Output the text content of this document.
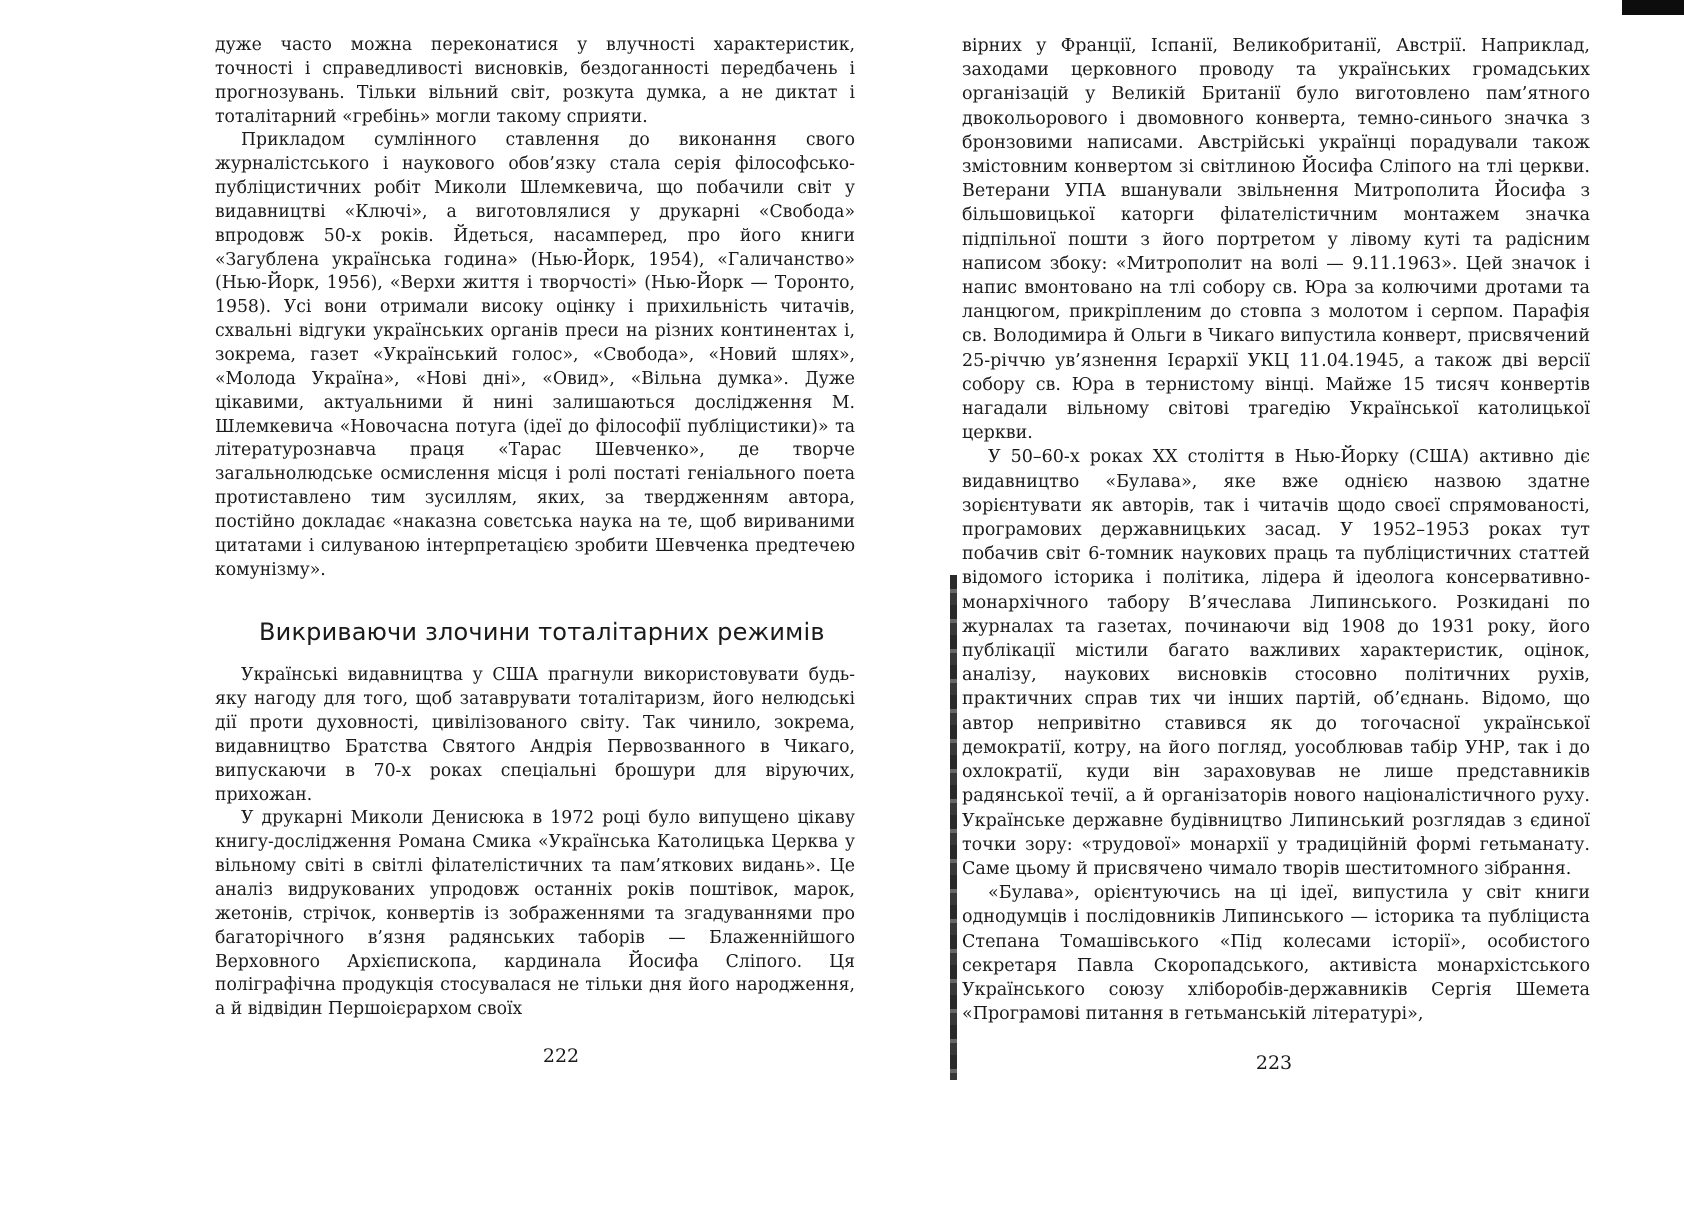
дуже часто можна переконатися у влучності характеристик, точності і справедливості висновків, бездоганності передбачень і прогнозувань. Тільки вільний світ, розкута думка, а не диктат і тоталітарний «гребінь» могли такому сприяти.

Прикладом сумлінного ставлення до виконання свого журналістського і наукового обов’язку стала серія філософсько-публіцистичних робіт Миколи Шлемкевича, що побачили світ у видавництві «Ключі», а виготовлялися у друкарні «Свобода» впродовж 50-х років. Йдеться, насамперед, про його книги «Загублена українська година» (Нью-Йорк, 1954), «Галичанство» (Нью-Йорк, 1956), «Верхи життя і творчості» (Нью-Йорк — Торонто, 1958). Усі вони отримали високу оцінку і прихильність читачів, схвальні відгуки українських органів преси на різних континентах і, зокрема, газет «Український голос», «Свобода», «Новий шлях», «Молода Україна», «Нові дні», «Овид», «Вільна думка». Дуже цікавими, актуальними й нині залишаються дослідження М. Шлемкевича «Новочасна потуга (ідеї до філософії публіцистики)» та літературознавча праця «Тарас Шевченко», де творче загальнолюдське осмислення місця і ролі постаті геніального поета протиставлено тим зусиллям, яких, за твердженням автора, постійно докладає «наказна совєтська наука на те, щоб вириваними цитатами і силуваною інтерпретацією зробити Шевченка предтечею комунізму».

Викриваючи злочини тоталітарних режимів

Українські видавництва у США прагнули використовувати будь-яку нагоду для того, щоб затаврувати тоталітаризм, його нелюдські дії проти духовності, цивілізованого світу. Так чинило, зокрема, видавництво Братства Святого Андрія Первозванного в Чикаго, випускаючи в 70-х роках спеціальні брошури для віруючих, прихожан.

У друкарні Миколи Денисюка в 1972 році було випущено цікаву книгу-дослідження Романа Смика «Українська Католицька Церква у вільному світі в світлі філателістичних та пам’яткових видань». Це аналіз видрукованих упродовж останніх років поштівок, марок, жетонів, стрічок, конвертів із зображеннями та згадуваннями про багаторічного в’язня радянських таборів — Блаженнійшого Верховного Архієпископа, кардинала Йосифа Сліпого. Ця поліграфічна продукція стосувалася не тільки дня його народження, а й відвідин Першоієрархом своїх

222

вірних у Франції, Іспанії, Великобританії, Австрії. Наприклад, заходами церковного проводу та українських громадських організацій у Великій Британії було виготовлено пам’ятного двокольорового і двомовного конверта, темно-синього значка з бронзовими написами. Австрійські українці порадували також змістовним конвертом зі світлиною Йосифа Сліпого на тлі церкви. Ветерани УПА вшанували звільнення Митрополита Йосифа з більшовицької каторги філателістичним монтажем значка підпільної пошти з його портретом у лівому куті та радісним написом збоку: «Митрополит на волі — 9.11.1963». Цей значок і напис вмонтовано на тлі собору св. Юра за колючими дротами та ланцюгом, прикріпленим до стовпа з молотом і серпом. Парафія св. Володимира й Ольги в Чикаго випустила конверт, присвячений 25-річчю ув’язнення Ієрархії УКЦ 11.04.1945, а також дві версії собору св. Юра в тернистому вінці. Майже 15 тисяч конвертів нагадали вільному світові трагедію Української католицької церкви.

У 50–60-х роках XX століття в Нью-Йорку (США) активно діє видавництво «Булава», яке вже однією назвою здатне зорієнтувати як авторів, так і читачів щодо своєї спрямованості, програмових державницьких засад. У 1952–1953 роках тут побачив світ 6-томник наукових праць та публіцистичних статтей відомого історика і політика, лідера й ідеолога консервативно-монархічного табору В’ячеслава Липинського. Розкидані по журналах та газетах, починаючи від 1908 до 1931 року, його публікації містили багато важливих характеристик, оцінок, аналізу, наукових висновків стосовно політичних рухів, практичних справ тих чи інших партій, об’єднань. Відомо, що автор непривітно ставився як до тогочасної української демократії, котру, на його погляд, уособлював табір УНР, так і до охлократії, куди він зараховував не лише представників радянської течії, а й організаторів нового націоналістичного руху. Українське державне будівництво Липинський розглядав з єдиної точки зору: «трудової» монархії у традиційній формі гетьманату. Саме цьому й присвячено чимало творів шеститомного зібрання.

«Булава», орієнтуючись на ці ідеї, випустила у світ книги однодумців і послідовників Липинського — історика та публіциста Степана Томашівського «Під колесами історії», особистого секретаря Павла Скоропадського, активіста монархістського Українського союзу хліборобів-державників Сергія Шемета «Програмові питання в гетьманській літературі»,

223
